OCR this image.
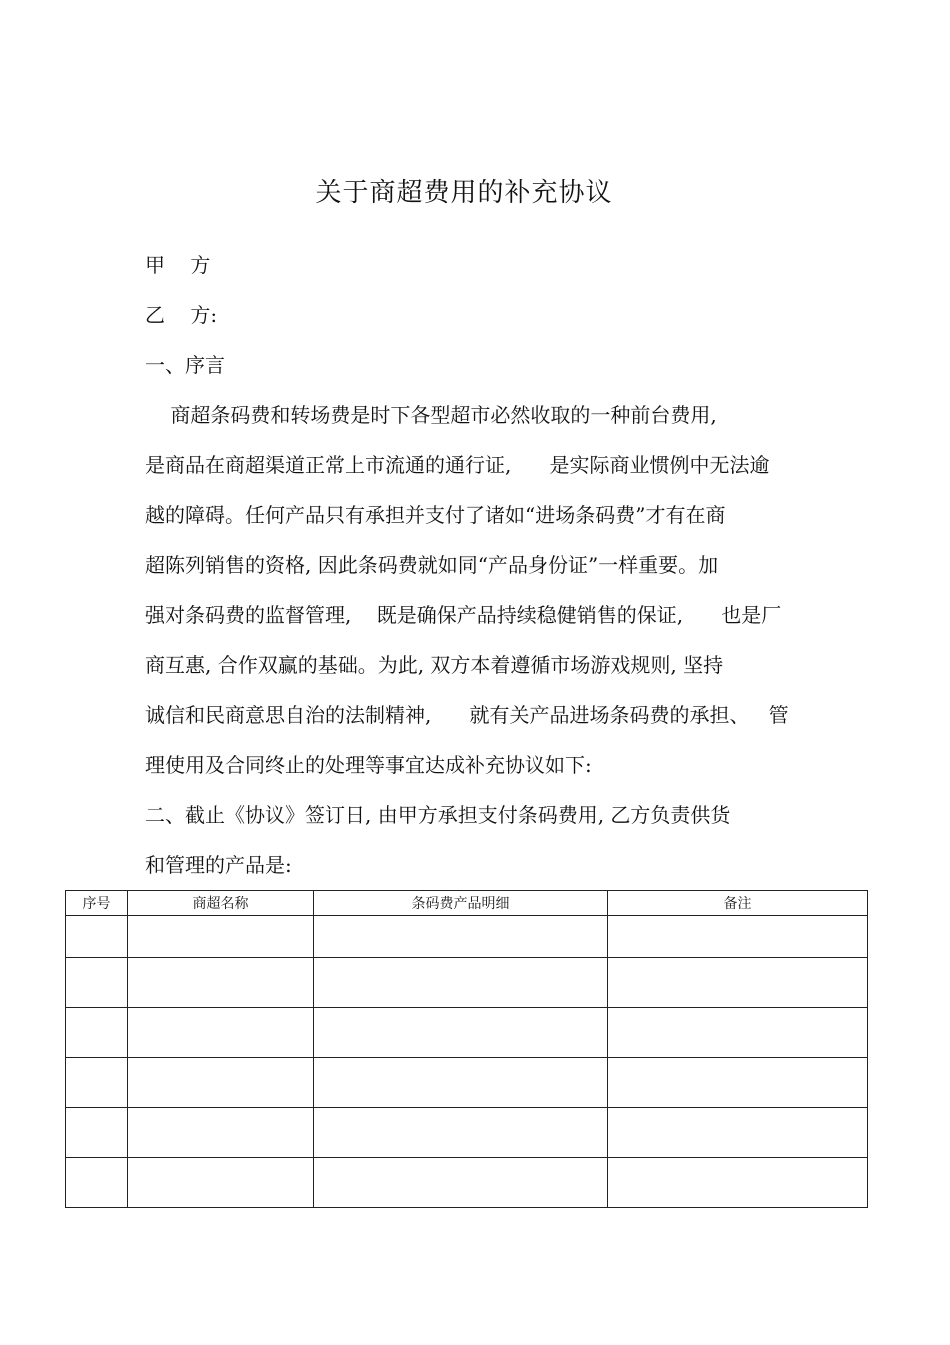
关于商超费用的补充协议
甲    方
乙    方:
一、序言
商超条码费和转场费是时下各型超市必然收取的一种前台费用,
是商品在商超渠道正常上市流通的通行证,      是实际商业惯例中无法逾
越的障碍。任何产品只有承担并支付了诸如“进场条码费”才有在商
超陈列销售的资格, 因此条码费就如同“产品身份证”一样重要。加
强对条码费的监督管理,    既是确保产品持续稳健销售的保证,      也是厂
商互惠, 合作双赢的基础。为此, 双方本着遵循市场游戏规则, 坚持
诚信和民商意思自治的法制精神,      就有关产品进场条码费的承担、   管
理使用及合同终止的处理等事宜达成补充协议如下:
二、截止《协议》签订日, 由甲方承担支付条码费用, 乙方负责供货
和管理的产品是:
序号	商超名称	条码费产品明细	备注
